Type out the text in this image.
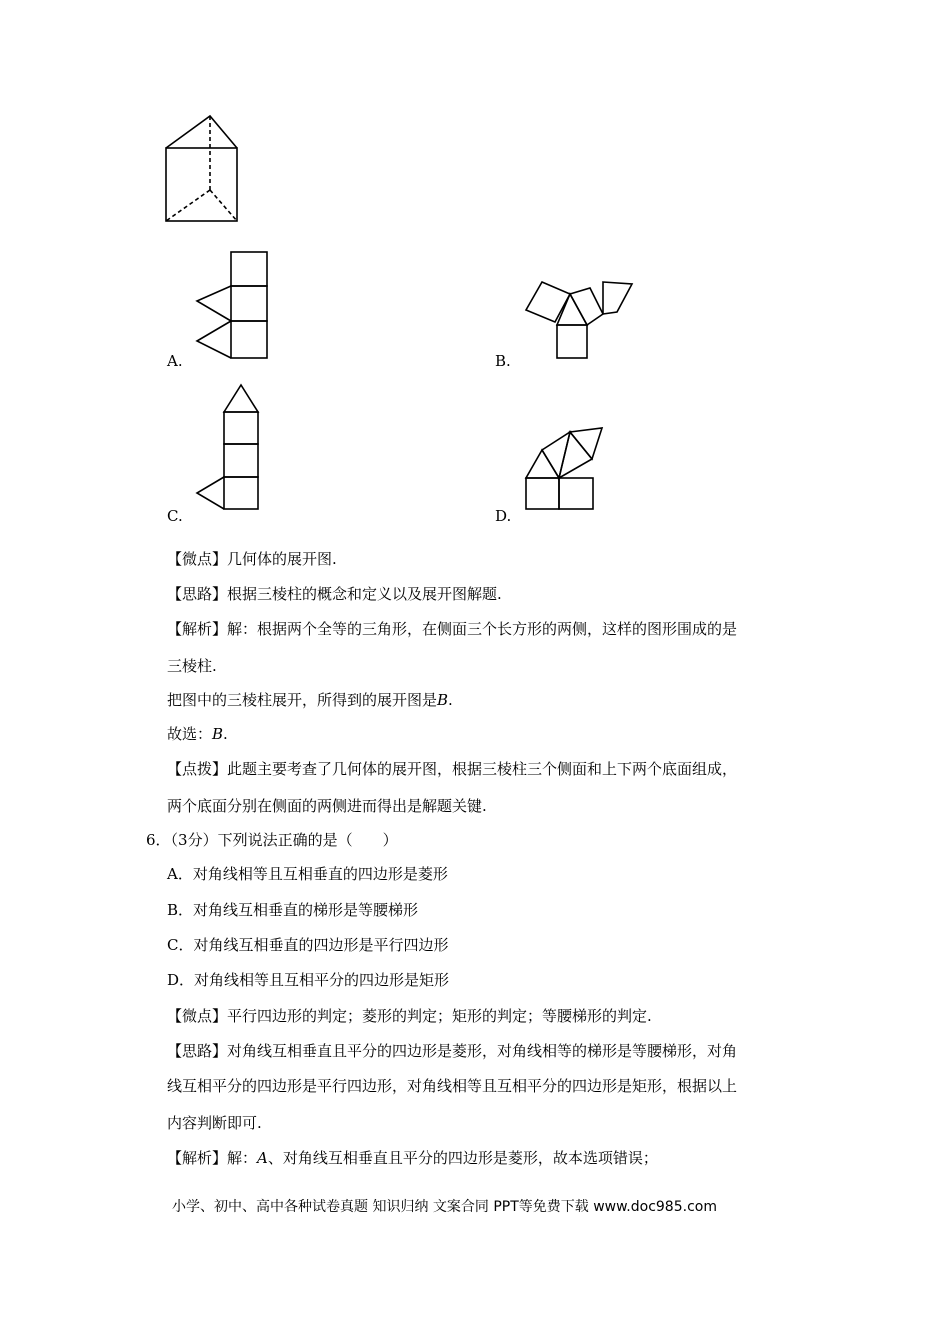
A.	B.
C.	D.
【微点】几何体的展开图.
【思路】根据三棱柱的概念和定义以及展开图解题.
【解析】解：根据两个全等的三角形，在侧面三个长方形的两侧，这样的图形围成的是
三棱柱.
把图中的三棱柱展开，所得到的展开图是B.
故选：B.
【点拨】此题主要考查了几何体的展开图，根据三棱柱三个侧面和上下两个底面组成，
两个底面分别在侧面的两侧进而得出是解题关键.
6．（3分）下列说法正确的是（　　）
A．对角线相等且互相垂直的四边形是菱形
B．对角线互相垂直的梯形是等腰梯形
C．对角线互相垂直的四边形是平行四边形
D．对角线相等且互相平分的四边形是矩形
【微点】平行四边形的判定；菱形的判定；矩形的判定；等腰梯形的判定.
【思路】对角线互相垂直且平分的四边形是菱形，对角线相等的梯形是等腰梯形，对角
线互相平分的四边形是平行四边形，对角线相等且互相平分的四边形是矩形，根据以上
内容判断即可.
【解析】解：A、对角线互相垂直且平分的四边形是菱形，故本选项错误；
小学、初中、高中各种试卷真题 知识归纳 文案合同 PPT等免费下载 www.doc985.com
